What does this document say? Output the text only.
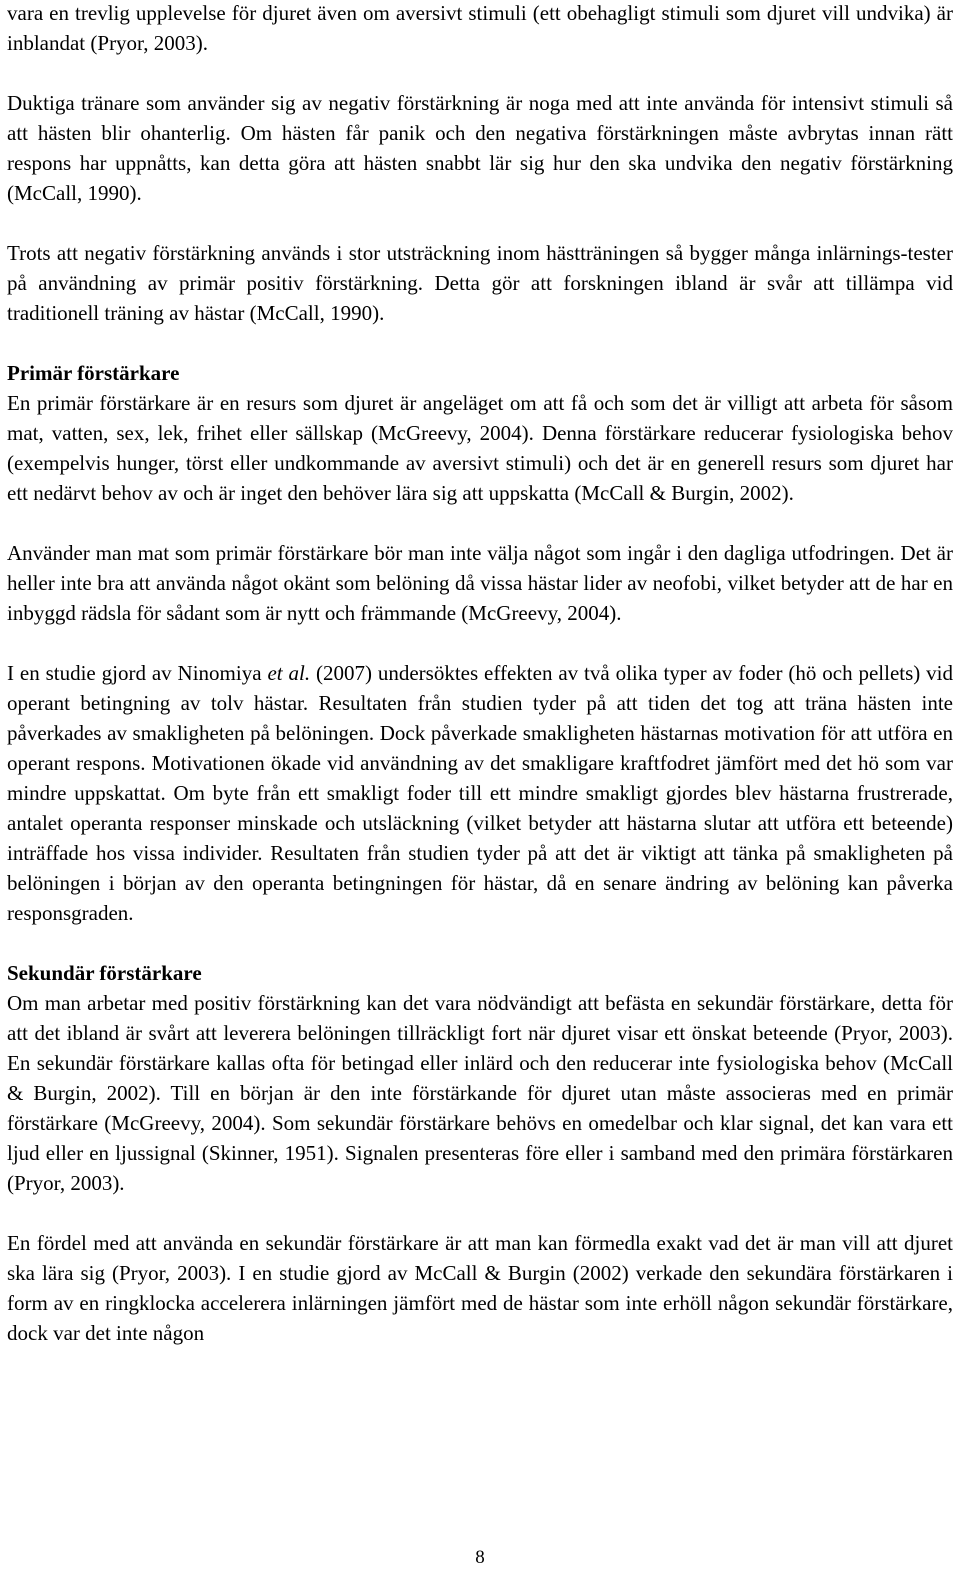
vara en trevlig upplevelse för djuret även om aversivt stimuli (ett obehagligt stimuli som djuret vill undvika) är inblandat (Pryor, 2003).

Duktiga tränare som använder sig av negativ förstärkning är noga med att inte använda för intensivt stimuli så att hästen blir ohanterlig. Om hästen får panik och den negativa förstärkningen måste avbrytas innan rätt respons har uppnåtts, kan detta göra att hästen snabbt lär sig hur den ska undvika den negativ förstärkning (McCall, 1990).

Trots att negativ förstärkning används i stor utsträckning inom hästträningen så bygger många inlärnings-tester på användning av primär positiv förstärkning. Detta gör att forskningen ibland är svår att tillämpa vid traditionell träning av hästar (McCall, 1990).

Primär förstärkare

En primär förstärkare är en resurs som djuret är angeläget om att få och som det är villigt att arbeta för såsom mat, vatten, sex, lek, frihet eller sällskap (McGreevy, 2004). Denna förstärkare reducerar fysiologiska behov (exempelvis hunger, törst eller undkommande av aversivt stimuli) och det är en generell resurs som djuret har ett nedärvt behov av och är inget den behöver lära sig att uppskatta (McCall & Burgin, 2002).

Använder man mat som primär förstärkare bör man inte välja något som ingår i den dagliga utfodringen. Det är heller inte bra att använda något okänt som belöning då vissa hästar lider av neofobi, vilket betyder att de har en inbyggd rädsla för sådant som är nytt och främmande (McGreevy, 2004).

I en studie gjord av Ninomiya et al. (2007) undersöktes effekten av två olika typer av foder (hö och pellets) vid operant betingning av tolv hästar. Resultaten från studien tyder på att tiden det tog att träna hästen inte påverkades av smakligheten på belöningen. Dock påverkade smakligheten hästarnas motivation för att utföra en operant respons. Motivationen ökade vid användning av det smakligare kraftfodret jämfört med det hö som var mindre uppskattat. Om byte från ett smakligt foder till ett mindre smakligt gjordes blev hästarna frustrerade, antalet operanta responser minskade och utsläckning (vilket betyder att hästarna slutar att utföra ett beteende) inträffade hos vissa individer. Resultaten från studien tyder på att det är viktigt att tänka på smakligheten på belöningen i början av den operanta betingningen för hästar, då en senare ändring av belöning kan påverka responsgraden.

Sekundär förstärkare

Om man arbetar med positiv förstärkning kan det vara nödvändigt att befästa en sekundär förstärkare, detta för att det ibland är svårt att leverera belöningen tillräckligt fort när djuret visar ett önskat beteende (Pryor, 2003). En sekundär förstärkare kallas ofta för betingad eller inlärd och den reducerar inte fysiologiska behov (McCall & Burgin, 2002). Till en början är den inte förstärkande för djuret utan måste associeras med en primär förstärkare (McGreevy, 2004). Som sekundär förstärkare behövs en omedelbar och klar signal, det kan vara ett ljud eller en ljussignal (Skinner, 1951). Signalen presenteras före eller i samband med den primära förstärkaren (Pryor, 2003).

En fördel med att använda en sekundär förstärkare är att man kan förmedla exakt vad det är man vill att djuret ska lära sig (Pryor, 2003). I en studie gjord av McCall & Burgin (2002) verkade den sekundära förstärkaren i form av en ringklocka accelerera inlärningen jämfört med de hästar som inte erhöll någon sekundär förstärkare, dock var det inte någon

8
